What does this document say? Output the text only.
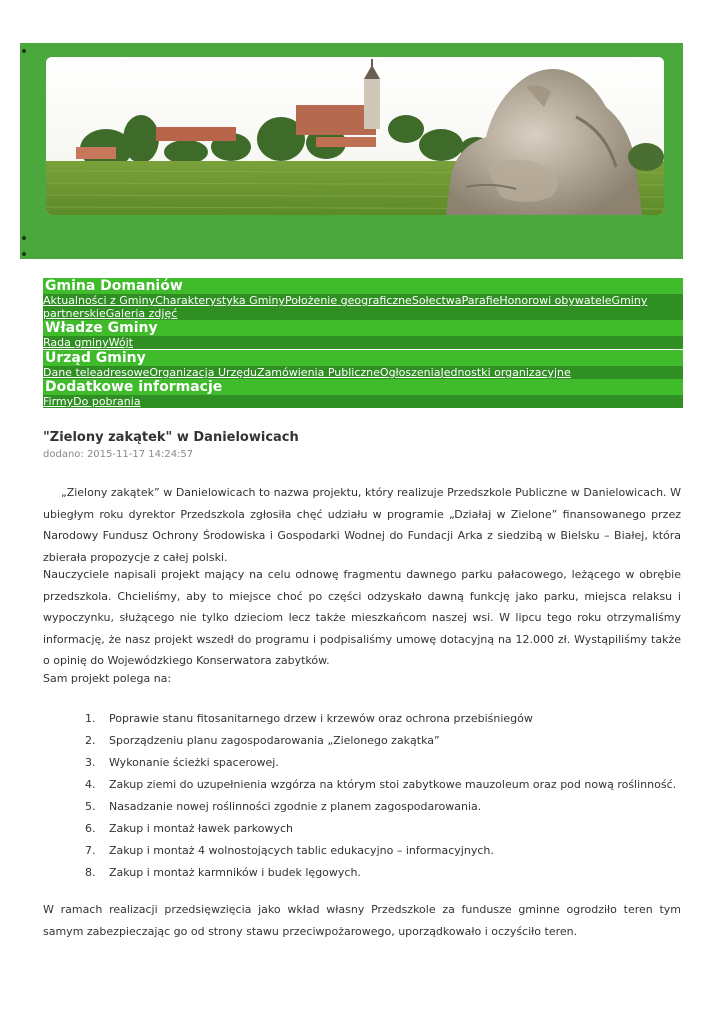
Gmina Domaniów
Aktualności z GminyCharakterystyka GminyPołożenie geograficzneSołectwaParafieHonorowi obywateleGminy partnerskieGaleria zdjęć
Władze Gminy
Rada gminyWójt
Urząd Gminy
Dane teleadresoweOrganizacja UrzęduZamówienia PubliczneOgłoszeniaJednostki organizacyjne
Dodatkowe informacje
FirmyDo pobrania
"Zielony zakątek" w Danielowicach
dodano: 2015-11-17 14:24:57

„Zielony zakątek” w Danielowicach to nazwa projektu, który realizuje Przedszkole Publiczne w Danielowicach. W ubiegłym roku dyrektor Przedszkola zgłosiła chęć udziału w programie „Działaj w Zielone” finansowanego przez Narodowy Fundusz Ochrony Środowiska i Gospodarki Wodnej do Fundacji Arka z siedzibą w Bielsku – Białej, która zbierała propozycje z całej polski.

Nauczyciele napisali projekt mający na celu odnowę fragmentu dawnego parku pałacowego, leżącego w obrębie przedszkola. Chcieliśmy, aby to miejsce choć po części odzyskało dawną funkcję jako parku, miejsca relaksu i wypoczynku, służącego nie tylko dzieciom lecz także mieszkańcom naszej wsi. W lipcu tego roku otrzymaliśmy informację, że nasz projekt wszedł do programu i podpisaliśmy umowę dotacyjną na 12.000 zł. Wystąpiliśmy także o opinię do Wojewódzkiego Konserwatora zabytków.

Sam projekt polega na:

1. Poprawie stanu fitosanitarnego drzew i krzewów oraz ochrona przebiśniegów
2. Sporządzeniu planu zagospodarowania „Zielonego zakątka”
3. Wykonanie ścieżki spacerowej.
4. Zakup ziemi do uzupełnienia wzgórza na którym stoi zabytkowe mauzoleum oraz pod nową roślinność.
5. Nasadzanie nowej roślinności zgodnie z planem zagospodarowania.
6. Zakup i montaż ławek parkowych
7. Zakup i montaż 4 wolnostojących tablic edukacyjno – informacyjnych.
8. Zakup i montaż karmników i budek lęgowych.

W ramach realizacji przedsięwzięcia jako wkład własny Przedszkole za fundusze gminne ogrodziło teren tym samym zabezpieczając go od strony stawu przeciwpożarowego, uporządkowało i oczyściło teren.
